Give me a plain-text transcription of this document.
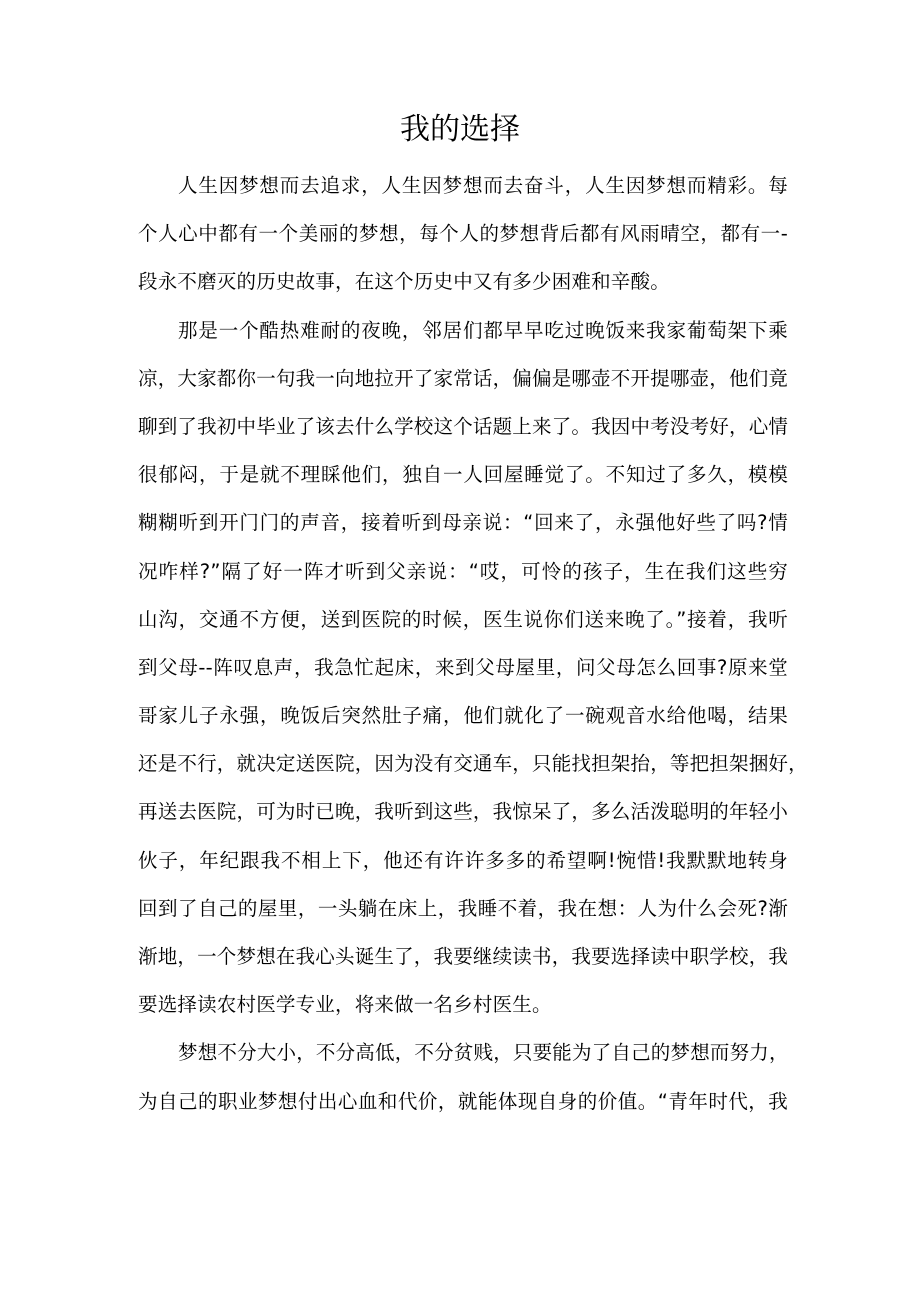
我的选择
人生因梦想而去追求，人生因梦想而去奋斗，人生因梦想而精彩。每
个人心中都有一个美丽的梦想，每个人的梦想背后都有风雨晴空，都有一-
段永不磨灭的历史故事，在这个历史中又有多少困难和辛酸。
那是一个酷热难耐的夜晚，邻居们都早早吃过晚饭来我家葡萄架下乘
凉，大家都你一句我一向地拉开了家常话，偏偏是哪壶不开提哪壶，他们竟
聊到了我初中毕业了该去什么学校这个话题上来了。我因中考没考好，心情
很郁闷，于是就不理睬他们，独自一人回屋睡觉了。不知过了多久，模模
糊糊听到开门门的声音，接着听到母亲说：“回来了，永强他好些了吗?情
况咋样?”隔了好一阵才听到父亲说：“哎，可怜的孩子，生在我们这些穷
山沟，交通不方便，送到医院的时候，医生说你们送来晚了。”接着，我听
到父母--阵叹息声，我急忙起床，来到父母屋里，问父母怎么回事?原来堂
哥家儿子永强，晚饭后突然肚子痛，他们就化了一碗观音水给他喝，结果
还是不行，就决定送医院，因为没有交通车，只能找担架抬，等把担架捆好，
再送去医院，可为时已晚，我听到这些，我惊呆了，多么活泼聪明的年轻小
伙子，年纪跟我不相上下，他还有许许多多的希望啊!惋惜!我默默地转身
回到了自己的屋里，一头躺在床上，我睡不着，我在想：人为什么会死?渐
渐地，一个梦想在我心头诞生了，我要继续读书，我要选择读中职学校，我
要选择读农村医学专业，将来做一名乡村医生。
梦想不分大小，不分高低，不分贫贱，只要能为了自己的梦想而努力，
为自己的职业梦想付出心血和代价，就能体现自身的价值。“青年时代，我
